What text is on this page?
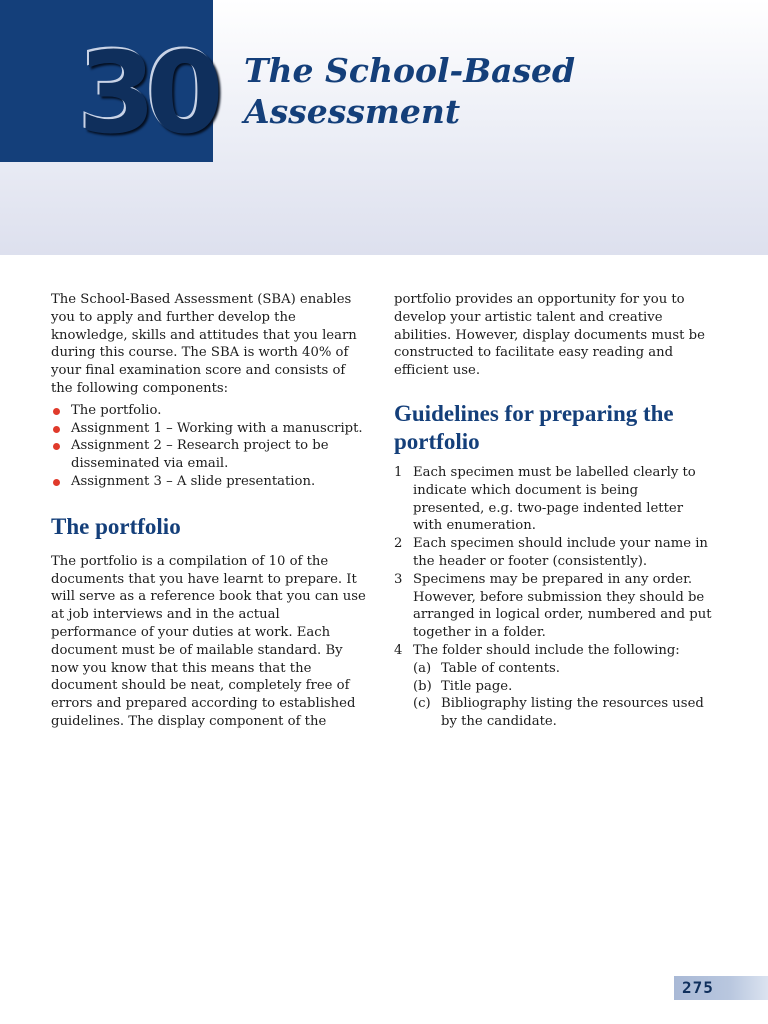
30 The School-Based
Assessment

The School-Based Assessment (SBA) enables you to apply and further develop the knowledge, skills and attitudes that you learn during this course. The SBA is worth 40% of your final examination score and consists of the following components:

The portfolio.
Assignment 1 – Working with a manuscript.
Assignment 2 – Research project to be disseminated via email.
Assignment 3 – A slide presentation.
The portfolio

The portfolio is a compilation of 10 of the documents that you have learnt to prepare. It will serve as a reference book that you can use at job interviews and in the actual performance of your duties at work. Each document must be of mailable standard. By now you know that this means that the document should be neat, completely free of errors and prepared according to established guidelines. The display component of the

portfolio provides an opportunity for you to develop your artistic talent and creative abilities. However, display documents must be constructed to facilitate easy reading and efficient use.

Guidelines for preparing the portfolio
1 Each specimen must be labelled clearly to indicate which document is being presented, e.g. two-page indented letter with enumeration.
2 Each specimen should include your name in the header or footer (consistently).
3 Specimens may be prepared in any order. However, before submission they should be arranged in logical order, numbered and put together in a folder.
4 The folder should include the following:
(a) Table of contents.
(b) Title page.
(c) Bibliography listing the resources used by the candidate.
275
